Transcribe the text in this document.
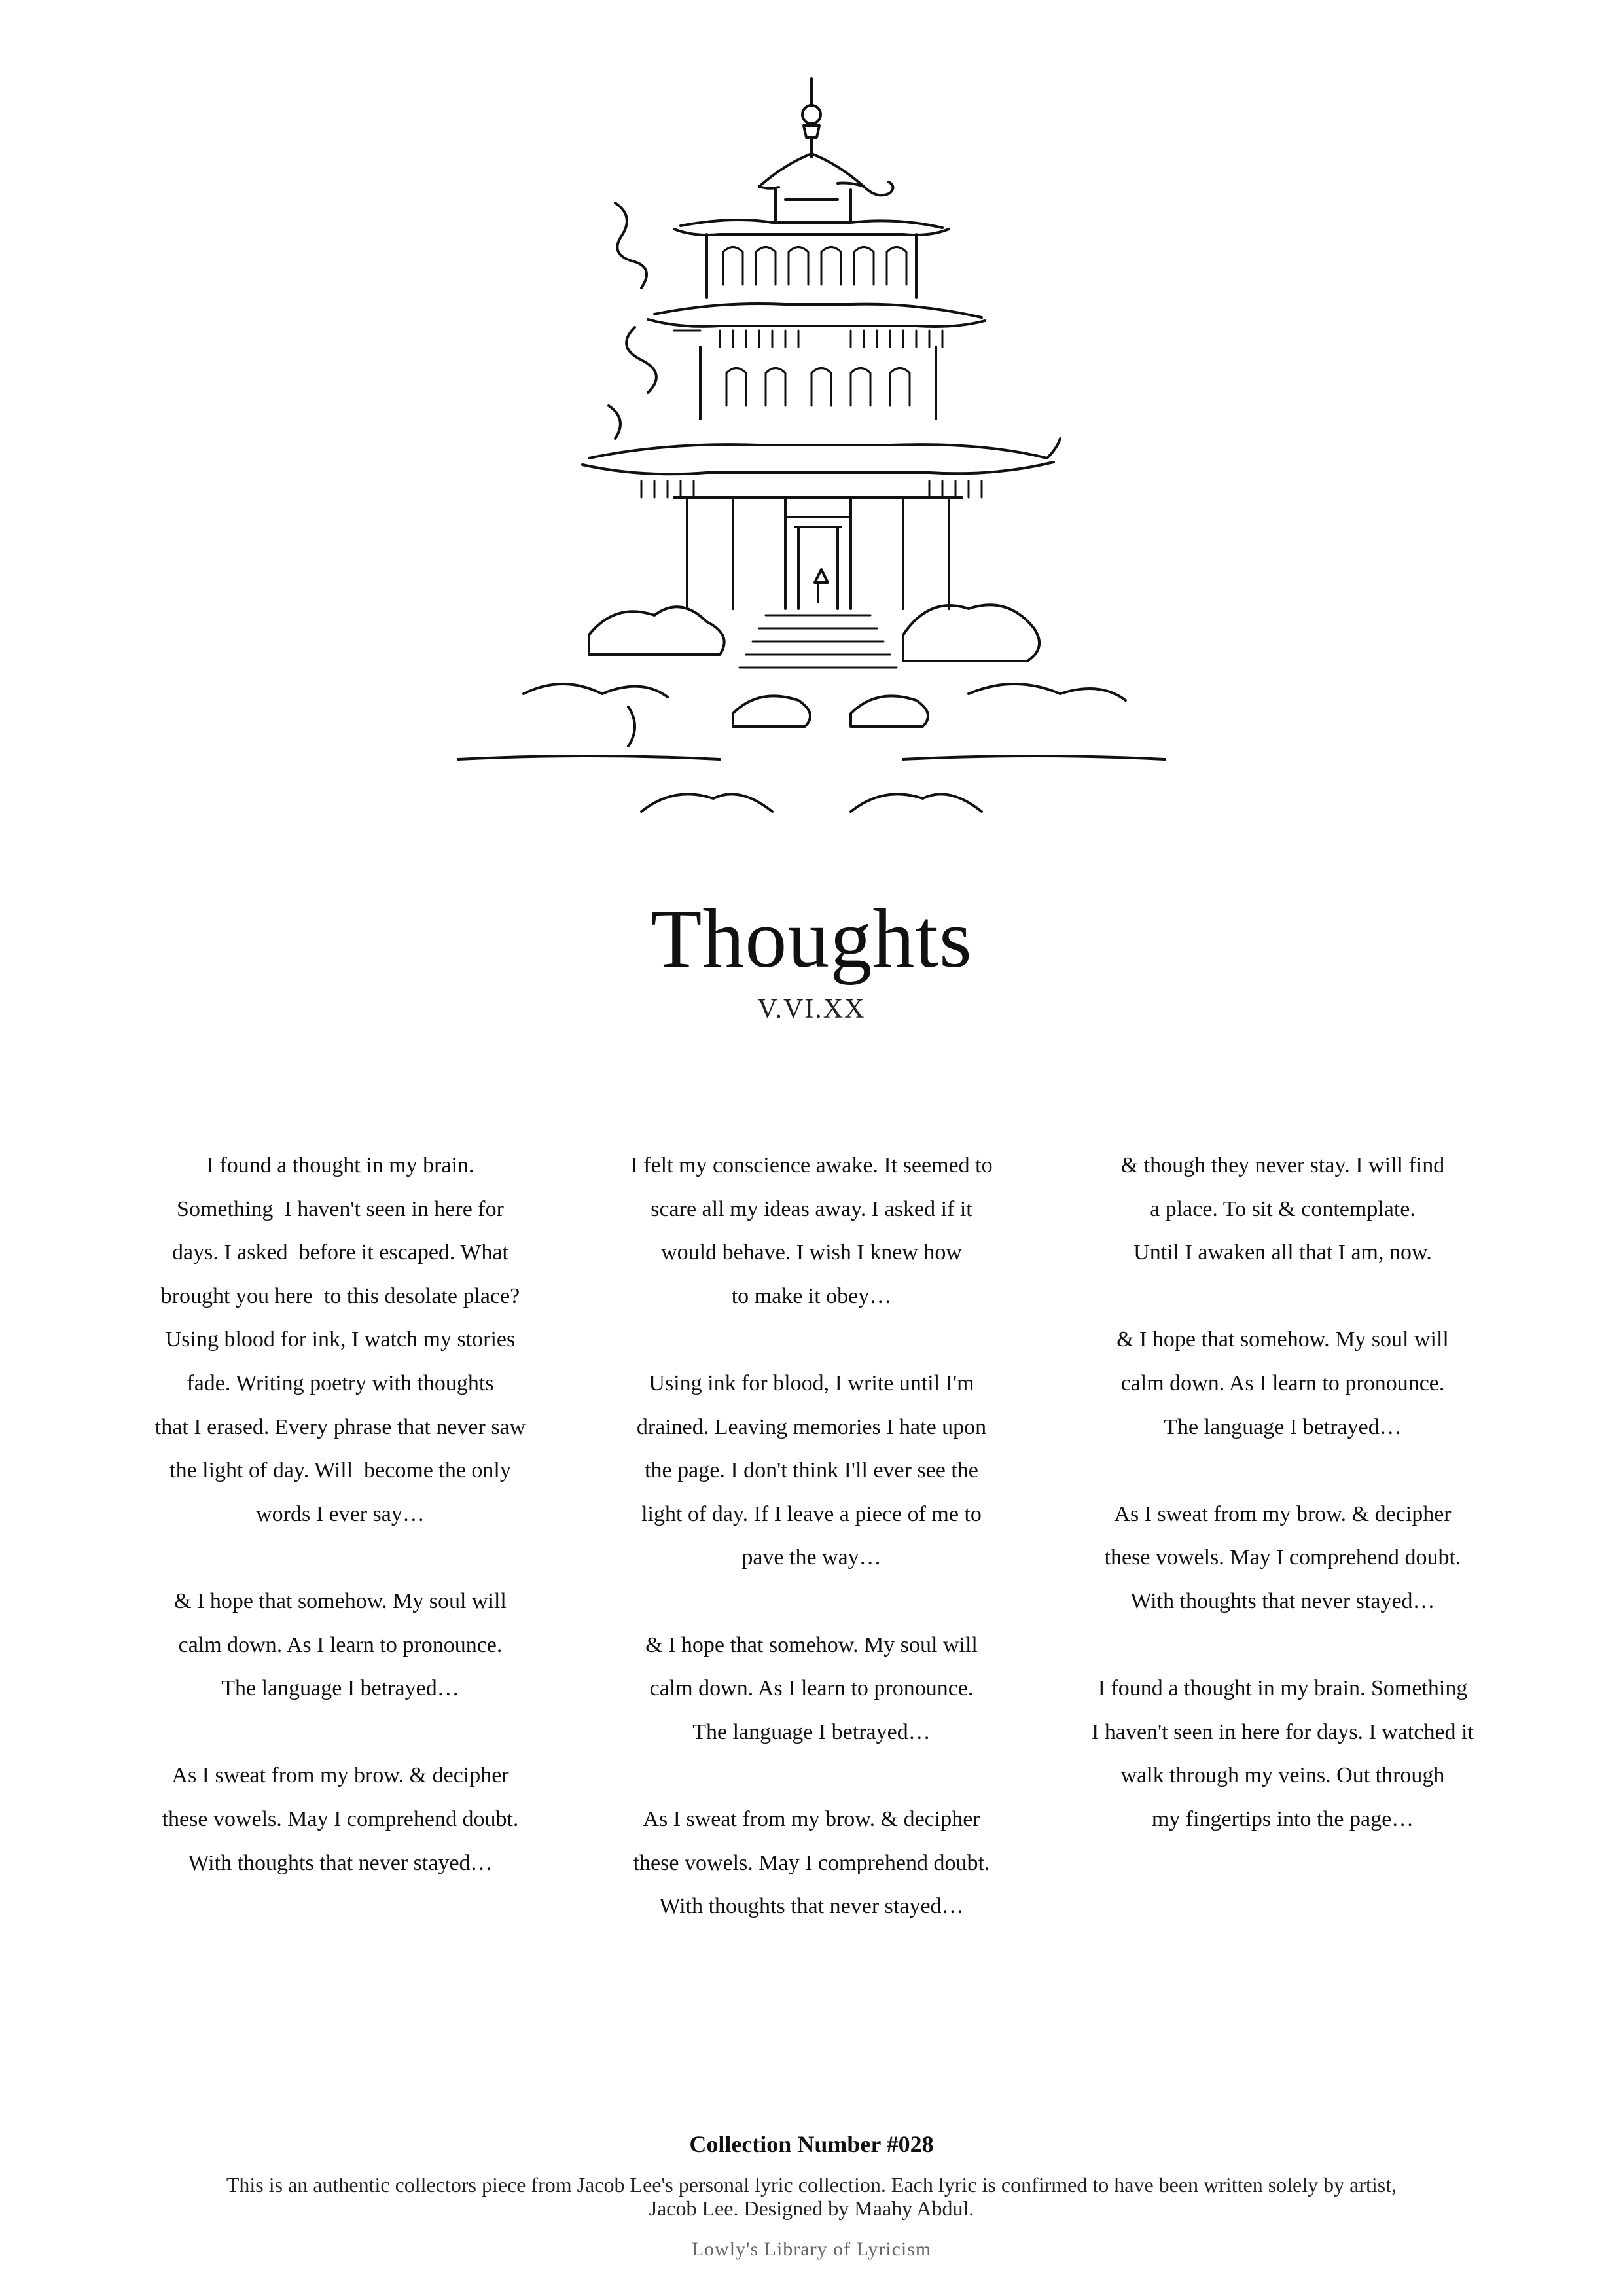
Thoughts
V.VI.XX

I found a thought in my brain.
Something  I haven't seen in here for
days. I asked  before it escaped. What
brought you here  to this desolate place?
Using blood for ink, I watch my stories
fade. Writing poetry with thoughts
that I erased. Every phrase that never saw
the light of day. Will  become the only
words I ever say…

& I hope that somehow. My soul will
calm down. As I learn to pronounce.
The language I betrayed…

As I sweat from my brow. & decipher
these vowels. May I comprehend doubt.
With thoughts that never stayed…

I felt my conscience awake. It seemed to
scare all my ideas away. I asked if it
would behave. I wish I knew how
to make it obey…

Using ink for blood, I write until I'm
drained. Leaving memories I hate upon
the page. I don't think I'll ever see the
light of day. If I leave a piece of me to
pave the way…

& I hope that somehow. My soul will
calm down. As I learn to pronounce.
The language I betrayed…

As I sweat from my brow. & decipher
these vowels. May I comprehend doubt.
With thoughts that never stayed…

& though they never stay. I will find
a place. To sit & contemplate.
Until I awaken all that I am, now.

& I hope that somehow. My soul will
calm down. As I learn to pronounce.
The language I betrayed…

As I sweat from my brow. & decipher
these vowels. May I comprehend doubt.
With thoughts that never stayed…

I found a thought in my brain. Something
I haven't seen in here for days. I watched it
walk through my veins. Out through
my fingertips into the page…

Collection Number #028
This is an authentic collectors piece from Jacob Lee's personal lyric collection. Each lyric is confirmed to have been written solely by artist, Jacob Lee. Designed by Maahy Abdul.
Lowly's Library of Lyricism
